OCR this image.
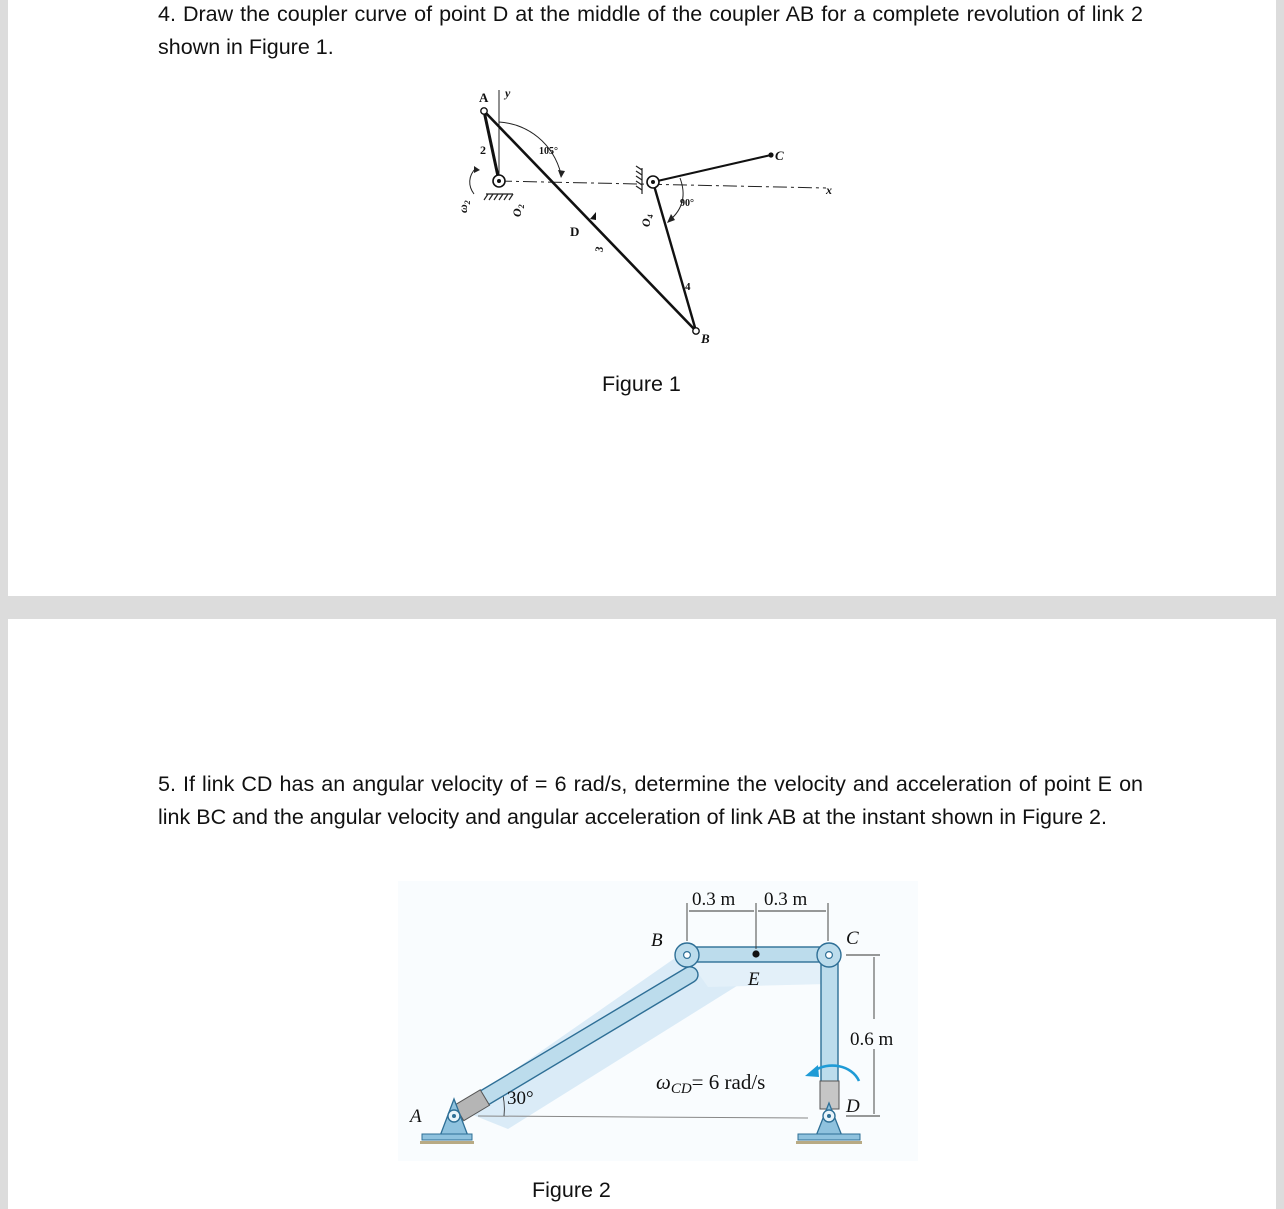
4. Draw the coupler curve of point D at the middle of the coupler AB for a complete revolution of link 2 shown in Figure 1.

A y
2	105°
$\omega_2$
$O_2$
D
3
$O_4$
90°
C
4
B
x
Figure 1

5. If link CD has an angular velocity of = 6 rad/s, determine the velocity and acceleration of point E on link BC and the angular velocity and angular acceleration of link AB at the instant shown in Figure 2.

0.3 m 0.3 m
B	C
E
0.6 m
ωCD= 6 rad/s
30°
A	D
Figure 2
